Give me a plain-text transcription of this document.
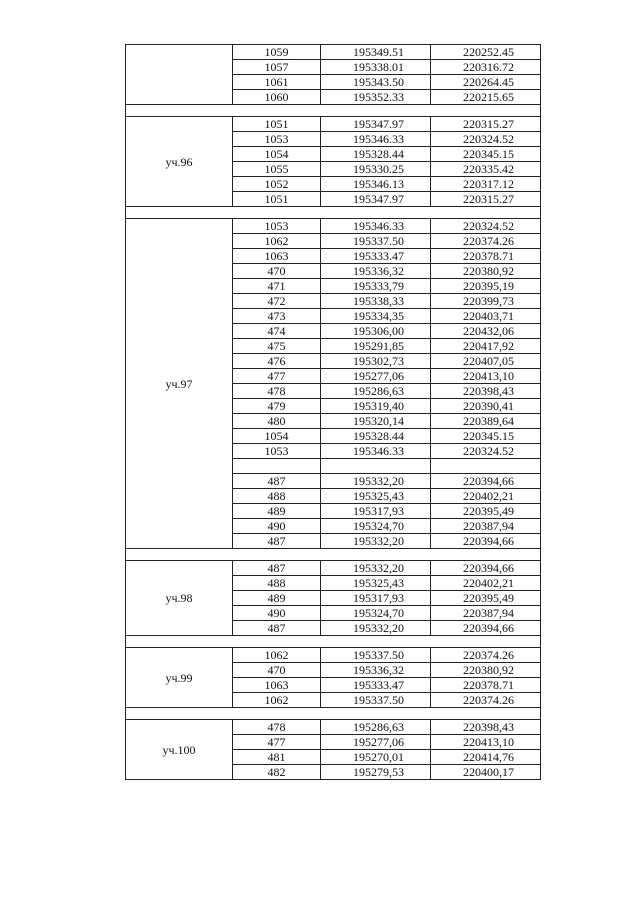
	1059	195349.51	220252.45
	1057	195338.01	220316.72
	1061	195343.50	220264.45
	1060	195352.33	220215.65

уч.96	1051	195347.97	220315.27
	1053	195346.33	220324.52
	1054	195328.44	220345.15
	1055	195330.25	220335.42
	1052	195346.13	220317.12
	1051	195347.97	220315.27

уч.97	1053	195346.33	220324.52
	1062	195337.50	220374.26
	1063	195333.47	220378.71
	470	195336,32	220380,92
	471	195333,79	220395,19
	472	195338,33	220399,73
	473	195334,35	220403,71
	474	195306,00	220432,06
	475	195291,85	220417,92
	476	195302,73	220407,05
	477	195277,06	220413,10
	478	195286,63	220398,43
	479	195319,40	220390,41
	480	195320,14	220389,64
	1054	195328.44	220345.15
	1053	195346.33	220324.52

	487	195332,20	220394,66
	488	195325,43	220402,21
	489	195317,93	220395,49
	490	195324,70	220387,94
	487	195332,20	220394,66

уч.98	487	195332,20	220394,66
	488	195325,43	220402,21
	489	195317,93	220395,49
	490	195324,70	220387,94
	487	195332,20	220394,66

уч.99	1062	195337.50	220374.26
	470	195336,32	220380,92
	1063	195333.47	220378.71
	1062	195337.50	220374.26

уч.100	478	195286,63	220398,43
	477	195277,06	220413,10
	481	195270,01	220414,76
	482	195279,53	220400,17
